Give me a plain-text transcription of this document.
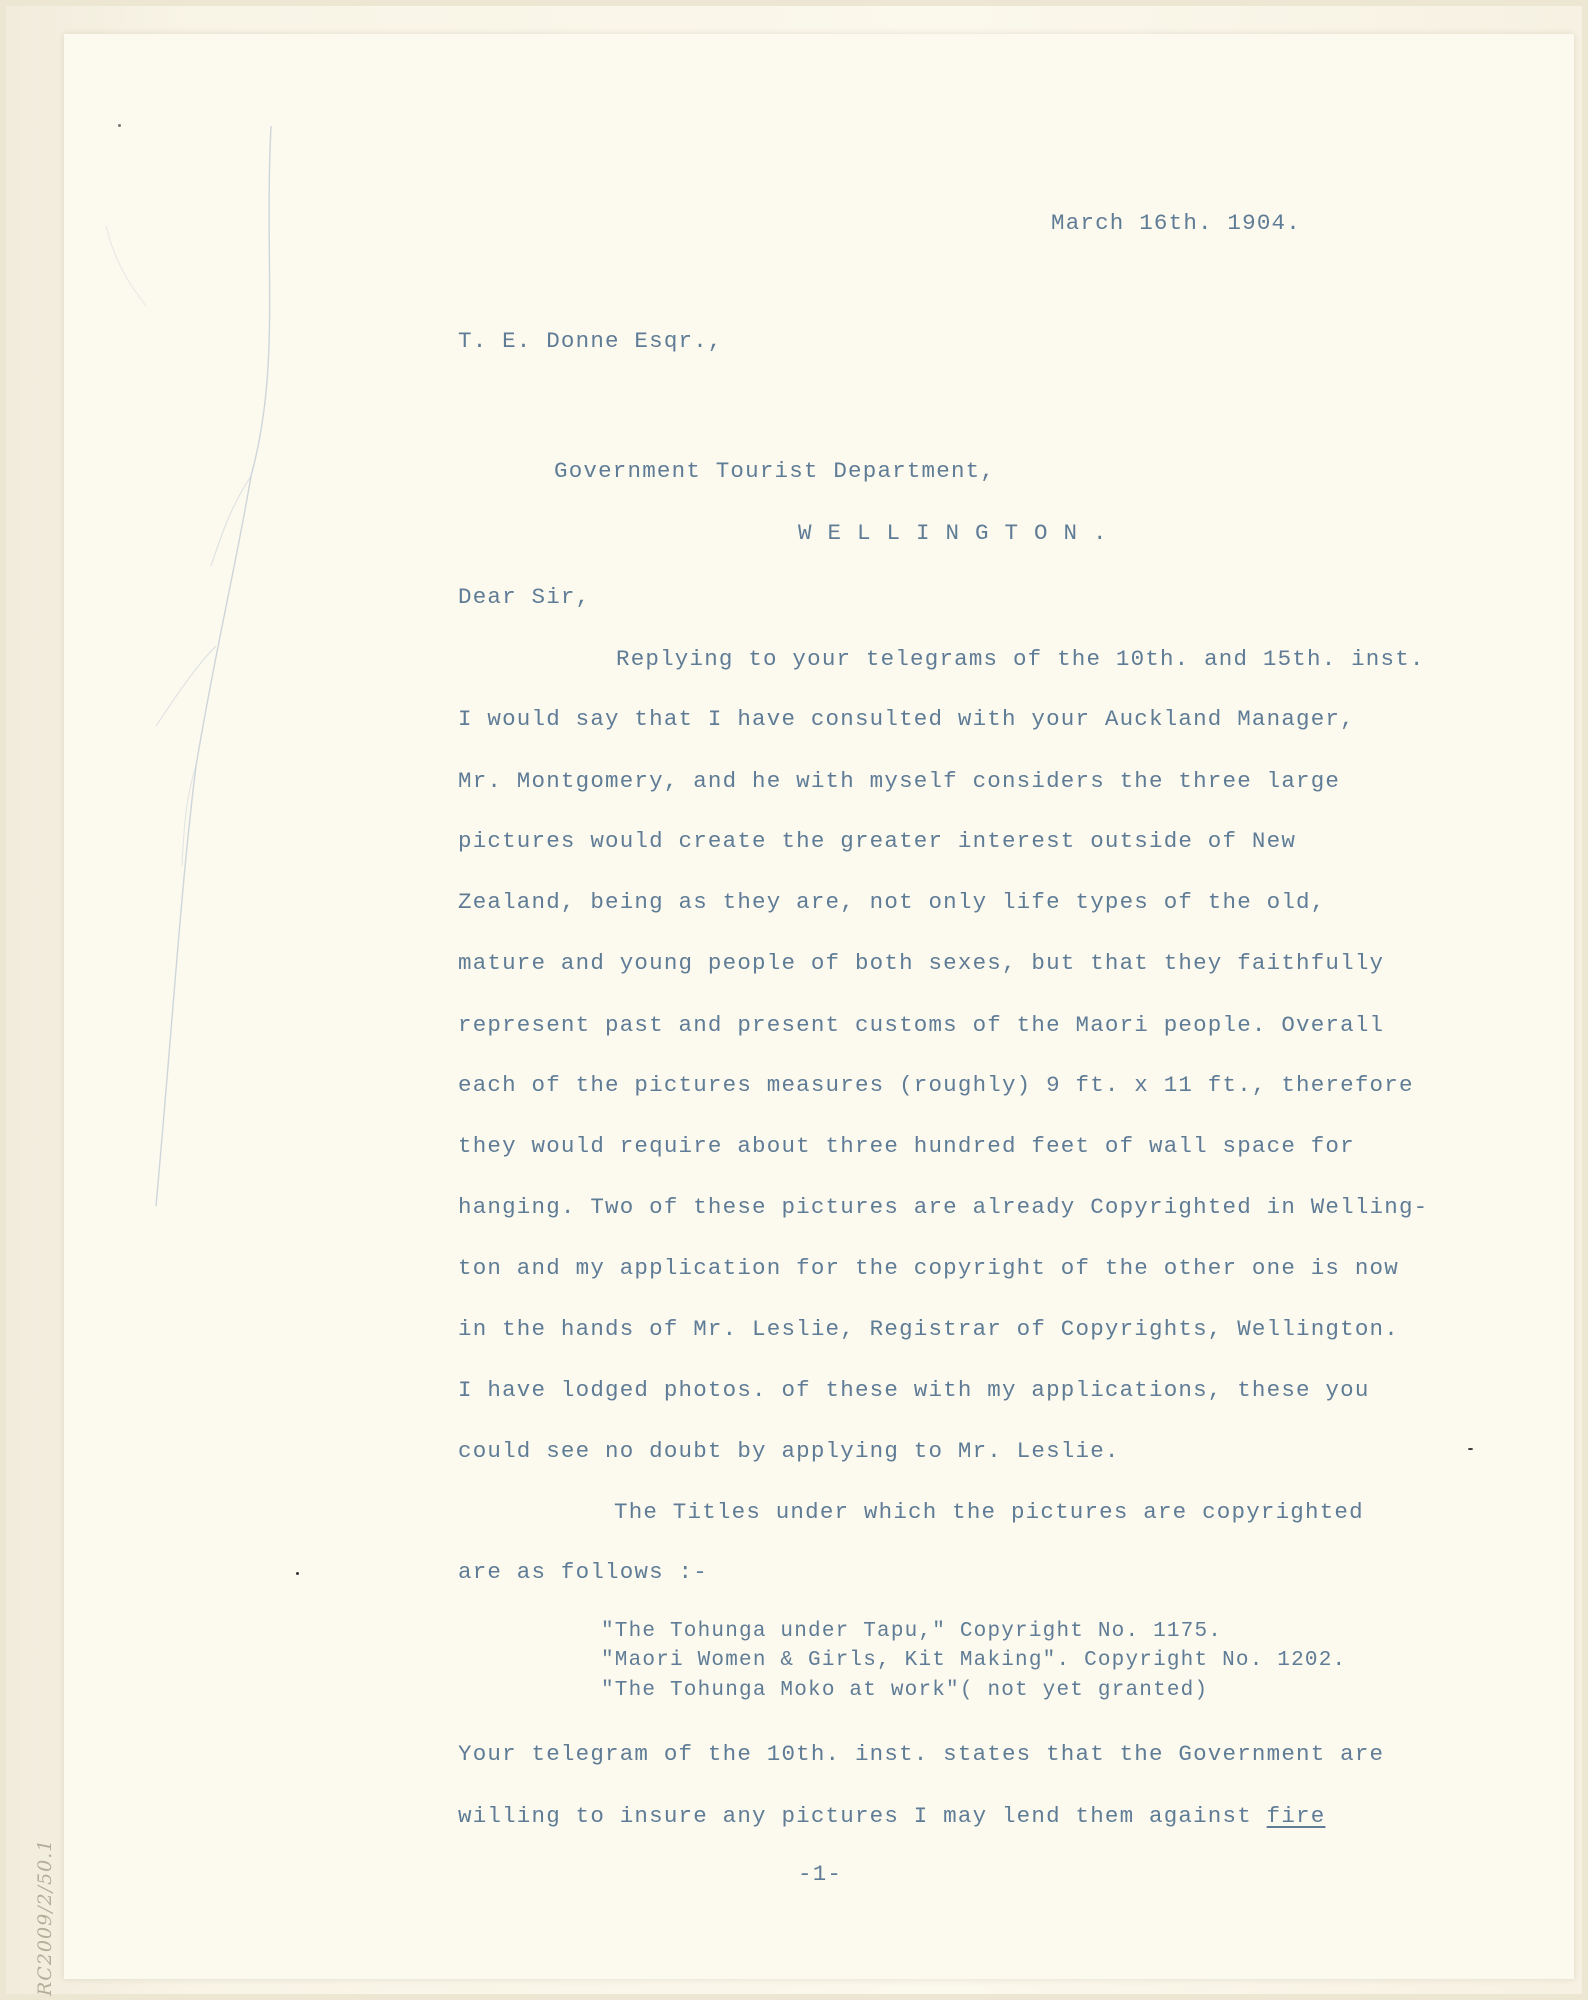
March 16th. 1904.
T. E. Donne Esqr.,
Government Tourist Department,
WELLINGTON.
Dear Sir,
Replying to your telegrams of the 10th. and 15th. inst.
I would say that I have consulted with your Auckland Manager,
Mr. Montgomery, and he with myself considers the three large
pictures would create the greater interest outside of New
Zealand, being as they are, not only life types of the old,
mature and young people of both sexes, but that they faithfully
represent past and present customs of the Maori people. Overall
each of the pictures measures (roughly) 9 ft. x 11 ft., therefore
they would require about three hundred feet of wall space for
hanging. Two of these pictures are already Copyrighted in Welling-
ton and my application for the copyright of the other one is now
in the hands of Mr. Leslie, Registrar of Copyrights, Wellington.
I have lodged photos. of these with my applications, these you
could see no doubt by applying to Mr. Leslie.
The Titles under which the pictures are copyrighted
are as follows :-
"The Tohunga under Tapu," Copyright No. 1175.
"Maori Women & Girls, Kit Making". Copyright No. 1202.
"The Tohunga Moko at work"( not yet granted)
Your telegram of the 10th. inst. states that the Government are
willing to insure any pictures I may lend them against fire
-1-
RC2009/2/50.1
